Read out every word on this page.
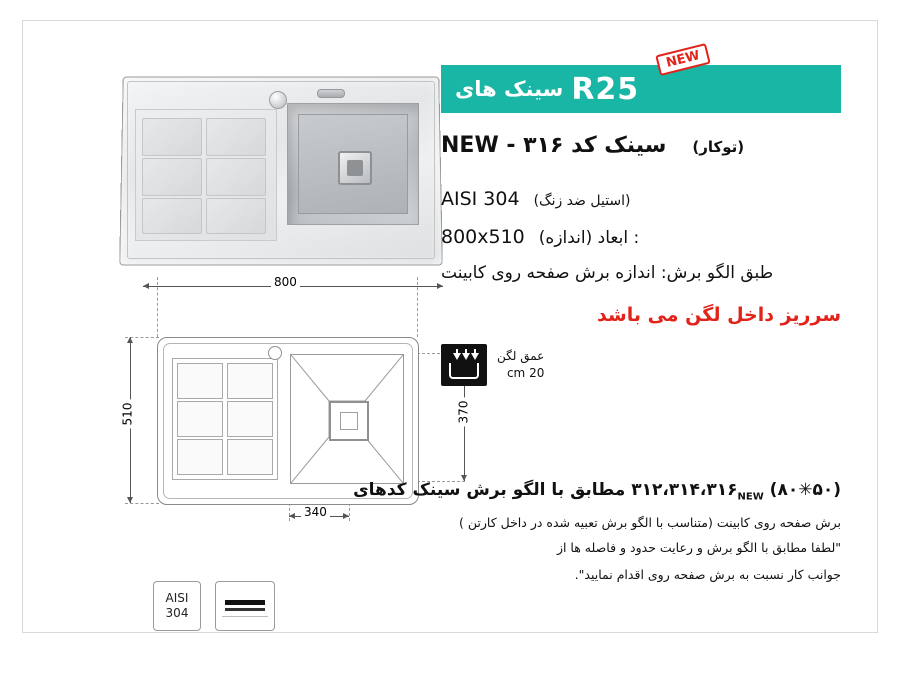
800
510	370
340
AISI
304
R25
سینک های
NEW
(توکار)
سینک کد NEW - ۳۱۶
(استیل ضد زنگ)
AISI 304
: ابعاد (اندازه)
800x510
طبق الگو برش: اندازه برش صفحه روی کابینت
سرریز داخل لگن می باشد
عمق لگن
20 cm
(۵۰✳۸۰) $۳۱۲،۳۱۴،۳۱۶_{NEW}$ مطابق با الگو برش سینک کدهای
برش صفحه روی کابینت (متناسب با الگو برش تعبیه شده در داخل کارتن )
"لطفا مطابق با الگو برش و رعایت حدود و فاصله ها از
جوانب کار نسبت به برش صفحه روی اقدام نمایید".
